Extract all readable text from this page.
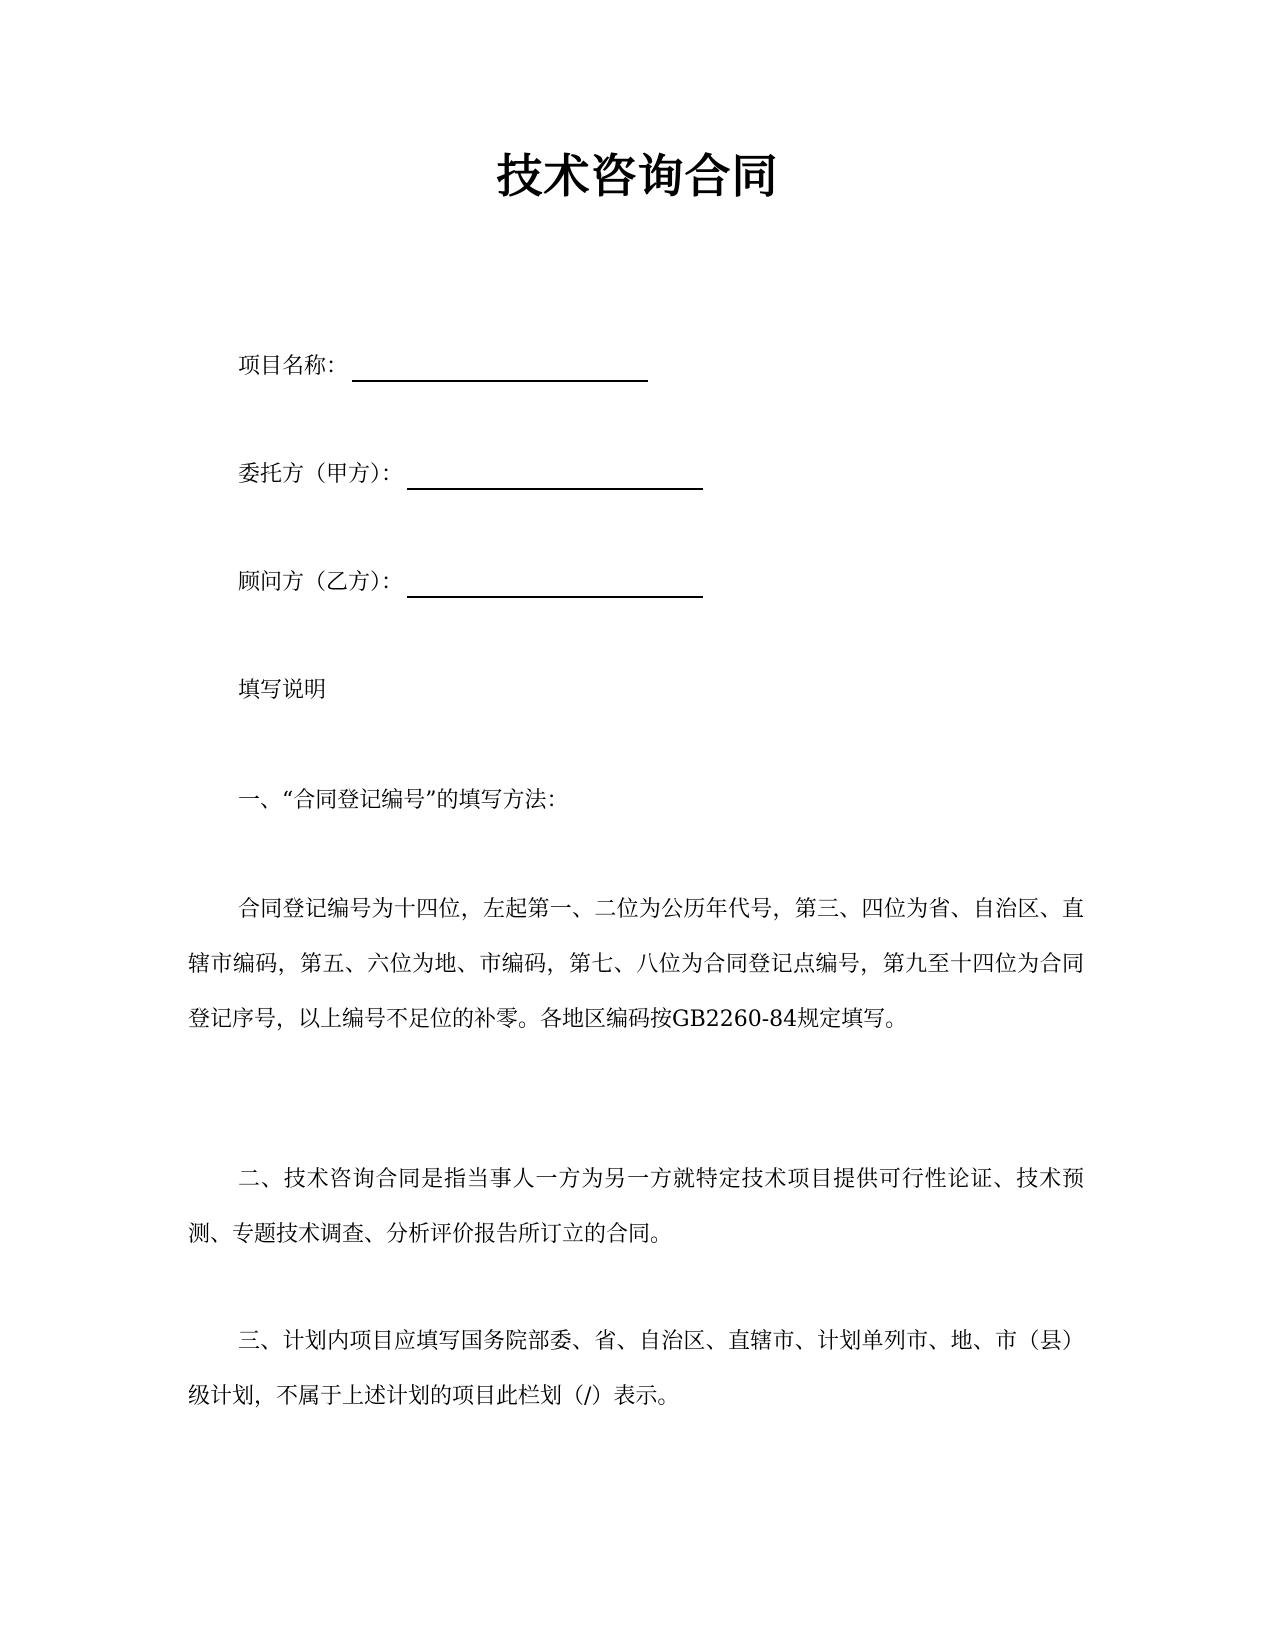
技术咨询合同
项目名称：
委托方（甲方）：
顾问方（乙方）：
填写说明
一、“合同登记编号”的填写方法：
合同登记编号为十四位，左起第一、二位为公历年代号，第三、四位为省、自治区、直辖市编码，第五、六位为地、市编码，第七、八位为合同登记点编号，第九至十四位为合同登记序号，以上编号不足位的补零。各地区编码按GB2260-84规定填写。
二、技术咨询合同是指当事人一方为另一方就特定技术项目提供可行性论证、技术预测、专题技术调查、分析评价报告所订立的合同。
三、计划内项目应填写国务院部委、省、自治区、直辖市、计划单列市、地、市（县）级计划，不属于上述计划的项目此栏划（/）表示。
